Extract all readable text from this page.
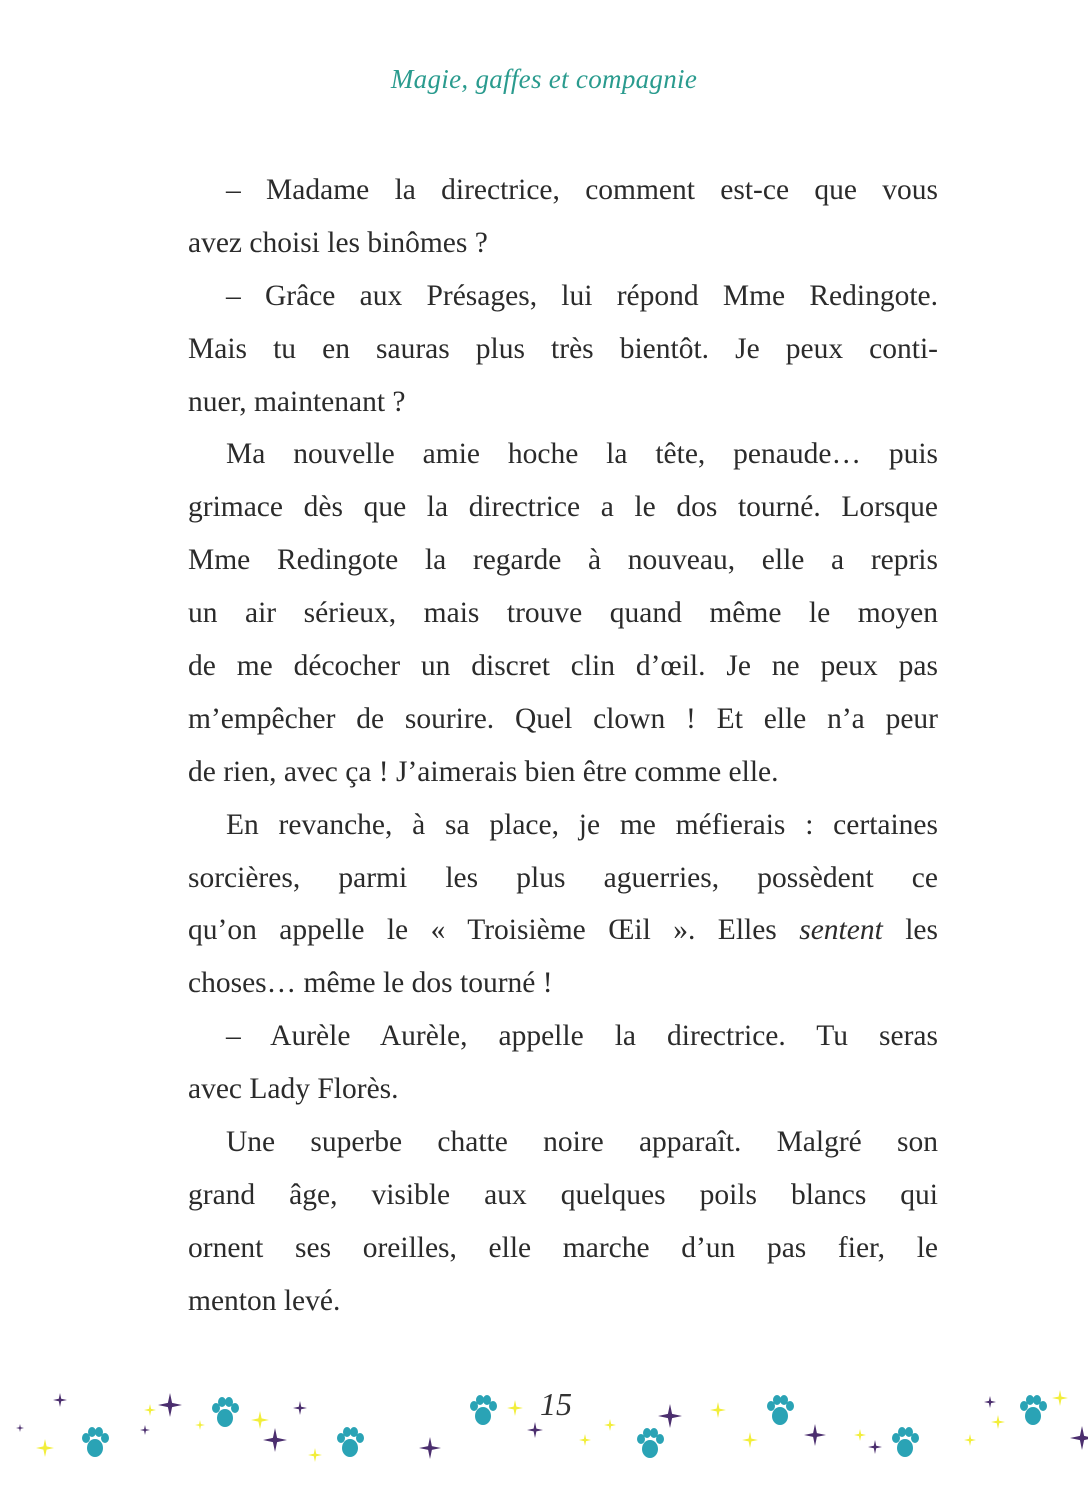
Magie, gaffes et compagnie
– Madame la directrice, comment est-ce que vous
avez choisi les binômes ?
– Grâce aux Présages, lui répond Mme Redingote.
Mais tu en sauras plus très bientôt. Je peux conti-
nuer, maintenant ?
Ma nouvelle amie hoche la tête, penaude… puis
grimace dès que la directrice a le dos tourné. Lorsque
Mme Redingote la regarde à nouveau, elle a repris
un air sérieux, mais trouve quand même le moyen
de me décocher un discret clin d’œil. Je ne peux pas
m’empêcher de sourire. Quel clown ! Et elle n’a peur
de rien, avec ça ! J’aimerais bien être comme elle.
En revanche, à sa place, je me méfierais : certaines
sorcières, parmi les plus aguerries, possèdent ce
qu’on appelle le « Troisième Œil ». Elles sentent les
choses… même le dos tourné !
– Aurèle Aurèle, appelle la directrice. Tu seras
avec Lady Florès.
Une superbe chatte noire apparaît. Malgré son
grand âge, visible aux quelques poils blancs qui
ornent ses oreilles, elle marche d’un pas fier, le
menton levé.
15
